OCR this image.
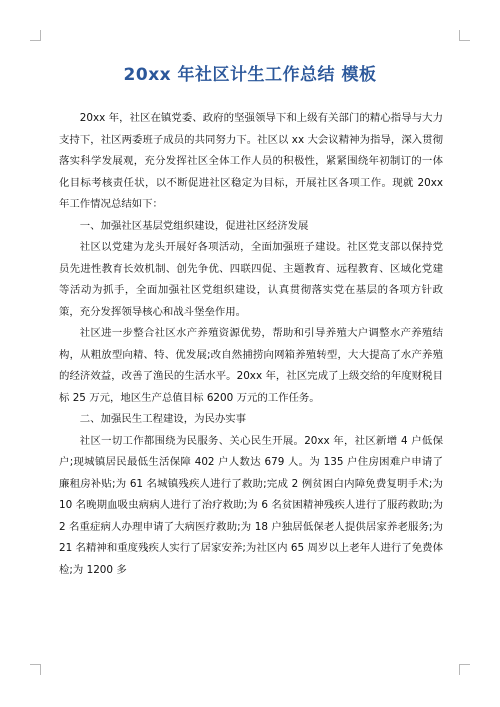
20xx 年社区计生工作总结 模板

20xx 年，社区在镇党委、政府的坚强领导下和上级有关部门的精心指导与大力支持下，社区两委班子成员的共同努力下。社区以 xx 大会议精神为指导，深入贯彻落实科学发展观，充分发挥社区全体工作人员的积极性，紧紧围绕年初制订的一体化目标考核责任状，以不断促进社区稳定为目标，开展社区各项工作。现就 20xx 年工作情况总结如下：

一、加强社区基层党组织建设，促进社区经济发展

社区以党建为龙头开展好各项活动，全面加强班子建设。社区党支部以保持党员先进性教育长效机制、创先争优、四联四促、主题教育、远程教育、区域化党建等活动为抓手，全面加强社区党组织建设，认真贯彻落实党在基层的各项方针政策，充分发挥领导核心和战斗堡垒作用。

社区进一步整合社区水产养殖资源优势，帮助和引导养殖大户调整水产养殖结构，从粗放型向精、特、优发展;改自然捕捞向网箱养殖转型，大大提高了水产养殖的经济效益，改善了渔民的生活水平。20xx 年，社区完成了上级交给的年度财税目标 25 万元，地区生产总值目标 6200 万元的工作任务。

二、加强民生工程建设，为民办实事

社区一切工作都围绕为民服务、关心民生开展。20xx 年，社区新增 4 户低保户;现城镇居民最低生活保障 402 户人数达 679 人。为 135 户住房困难户申请了廉租房补贴;为 61 名城镇残疾人进行了救助;完成 2 例贫困白内障免费复明手术;为 10 名晚期血吸虫病病人进行了治疗救助;为 6 名贫困精神残疾人进行了服药救助;为 2 名重症病人办理申请了大病医疗救助;为 18 户独居低保老人提供居家养老服务;为 21 名精神和重度残疾人实行了居家安养;为社区内 65 周岁以上老年人进行了免费体检;为 1200 多
